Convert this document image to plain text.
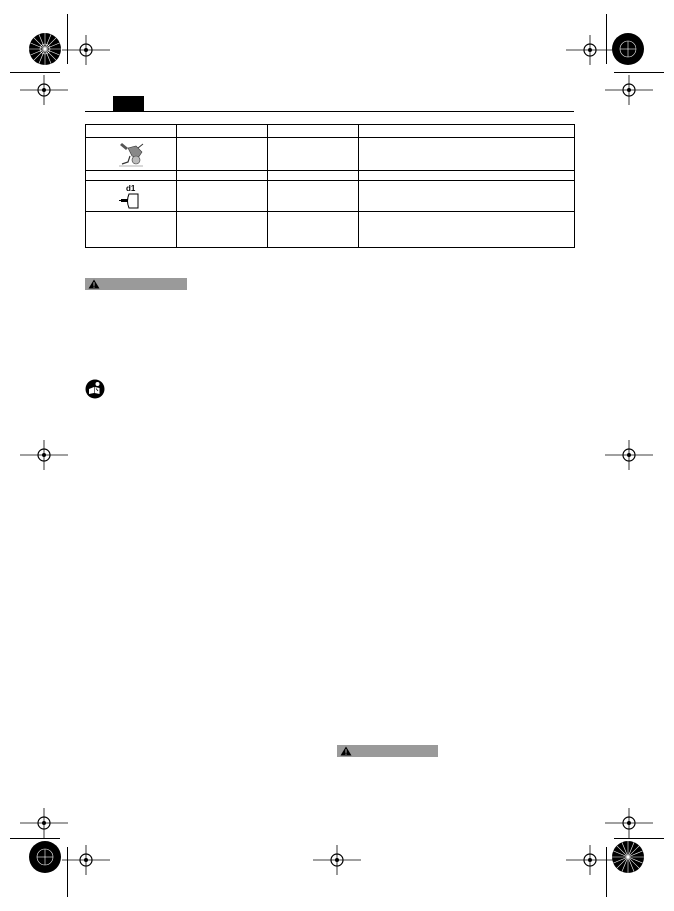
d1			
